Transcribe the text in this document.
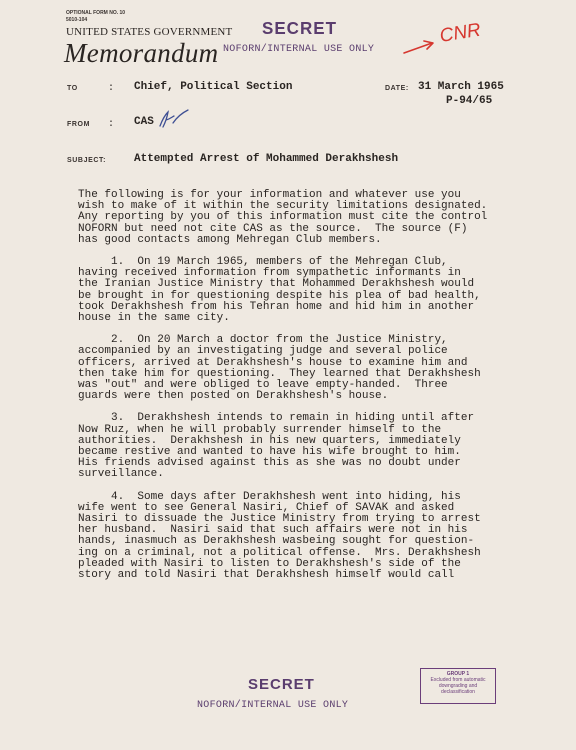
OPTIONAL FORM NO. 10
5010-104
UNITED STATES GOVERNMENT
Memorandum
SECRET
NOFORN/INTERNAL USE ONLY
CNR
TO	: Chief, Political Section	DATE: 31 March 1965
P-94/65
FROM : CAS
SUBJECT:	Attempted Arrest of Mohammed Derakhshesh
The following is for your information and whatever use you
wish to make of it within the security limitations designated.
Any reporting by you of this information must cite the control
NOFORN but need not cite CAS as the source.  The source (F)
has good contacts among Mehregan Club members.
1.  On 19 March 1965, members of the Mehregan Club,
having received information from sympathetic informants in
the Iranian Justice Ministry that Mohammed Derakhshesh would
be brought in for questioning despite his plea of bad health,
took Derakhshesh from his Tehran home and hid him in another
house in the same city.
2.  On 20 March a doctor from the Justice Ministry,
accompanied by an investigating judge and several police
officers, arrived at Derakhshesh's house to examine him and
then take him for questioning.  They learned that Derakhshesh
was "out" and were obliged to leave empty-handed.  Three
guards were then posted on Derakhshesh's house.
3.  Derakhshesh intends to remain in hiding until after
Now Ruz, when he will probably surrender himself to the
authorities.  Derakhshesh in his new quarters, immediately
became restive and wanted to have his wife brought to him.
His friends advised against this as she was no doubt under
surveillance.
4.  Some days after Derakhshesh went into hiding, his
wife went to see General Nasiri, Chief of SAVAK and asked
Nasiri to dissuade the Justice Ministry from trying to arrest
her husband.  Nasiri said that such affairs were not in his
hands, inasmuch as Derakhshesh wasbeing sought for question-
ing on a criminal, not a political offense.  Mrs. Derakhshesh
pleaded with Nasiri to listen to Derakhshesh's side of the
story and told Nasiri that Derakhshesh himself would call
SECRET
NOFORN/INTERNAL USE ONLY
GROUP 1
Excluded from automatic
downgrading and
declassification
